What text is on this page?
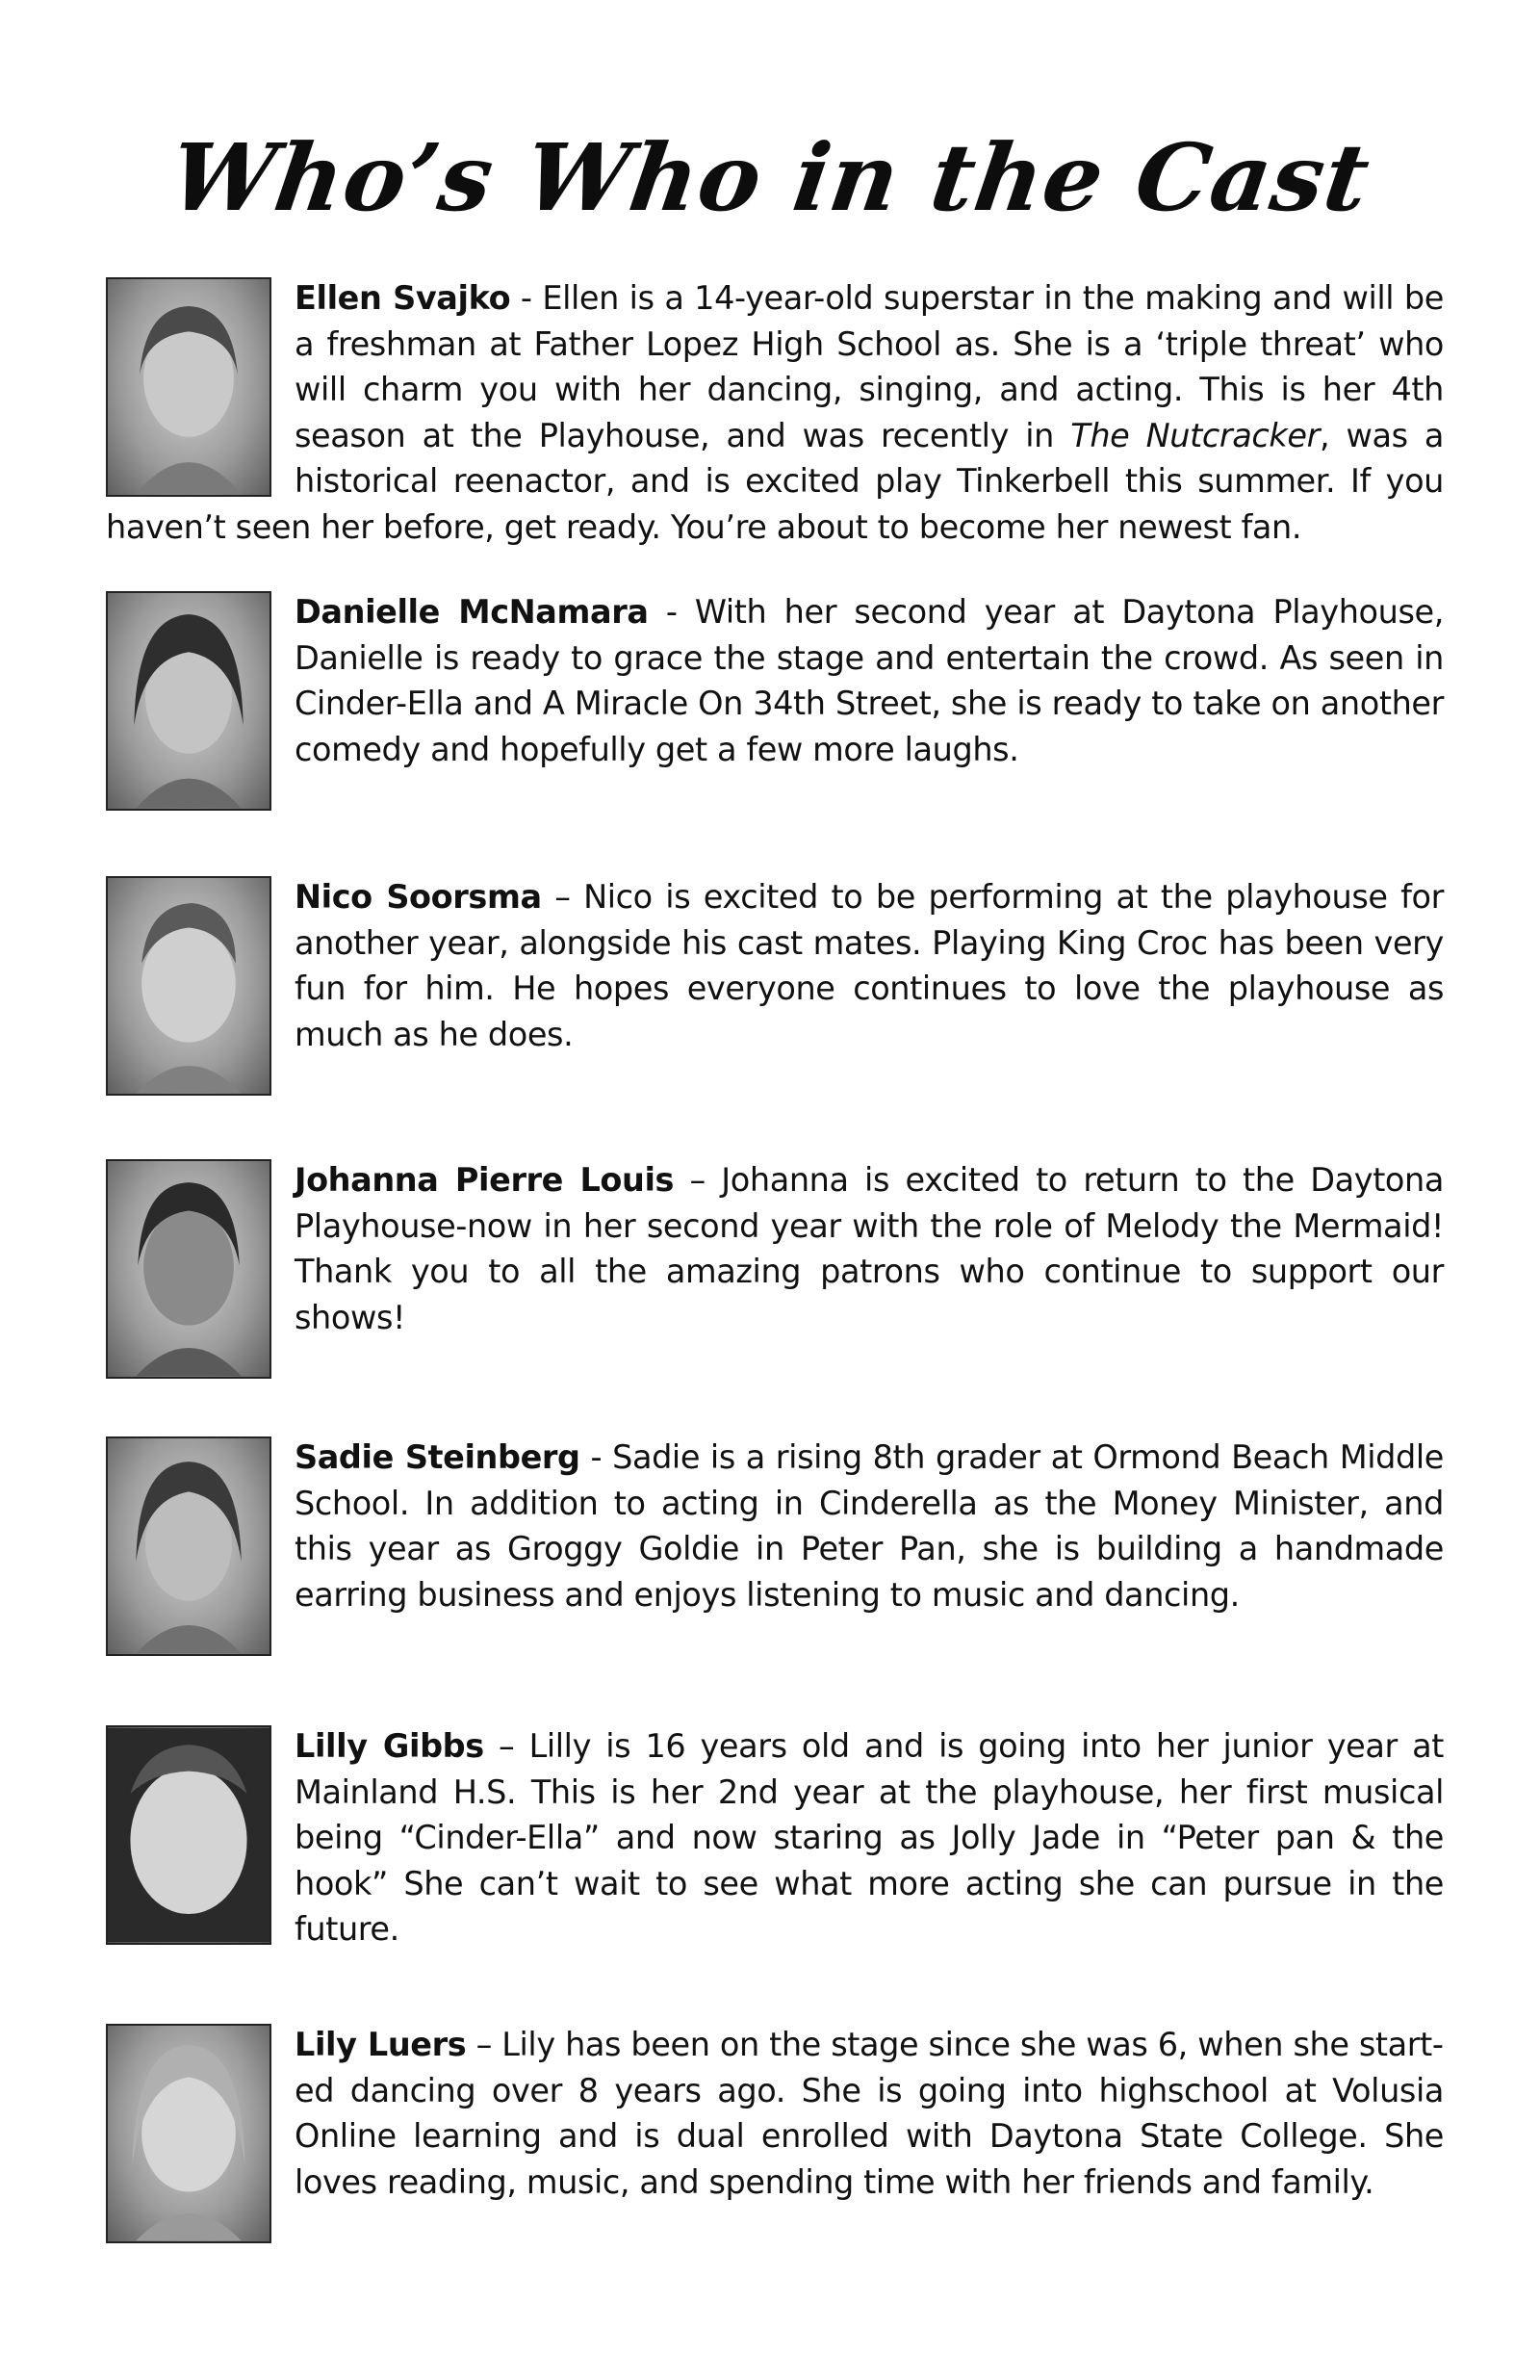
Who’s Who in the Cast
Ellen Svajko - Ellen is a 14-year-old superstar in the making and will be a freshman at Father Lopez High School as. She is a ‘triple threat’ who will charm you with her dancing, singing, and acting. This is her 4th season at the Playhouse, and was recently in The Nutcracker, was a historical reenactor, and is excited play Tinkerbell this summer. If you haven’t seen her before, get ready. You’re about to become her newest fan.
Danielle McNamara - With her second year at Daytona Playhouse, Danielle is ready to grace the stage and entertain the crowd. As seen in Cinder-Ella and A Miracle On 34th Street, she is ready to take on another comedy and hopefully get a few more laughs.
Nico Soorsma – Nico is excited to be performing at the playhouse for another year, alongside his cast mates. Playing King Croc has been very fun for him. He hopes everyone continues to love the playhouse as much as he does.
Johanna Pierre Louis – Johanna is excited to return to the Daytona Playhouse-now in her second year with the role of Melody the Mermaid! Thank you to all the amazing patrons who continue to support our shows!
Sadie Steinberg - Sadie is a rising 8th grader at Ormond Beach Middle School. In addition to acting in Cinderella as the Money Minister, and this year as Groggy Goldie in Peter Pan, she is building a handmade earring business and enjoys listening to music and dancing.
Lilly Gibbs – Lilly is 16 years old and is going into her junior year at Mainland H.S. This is her 2nd year at the playhouse, her first musical being “Cinder-Ella” and now staring as Jolly Jade in “Peter pan & the hook” She can’t wait to see what more acting she can pursue in the future.
Lily Luers – Lily has been on the stage since she was 6, when she started dancing over 8 years ago. She is going into highschool at Volusia Online learning and is dual enrolled with Daytona State College. She loves reading, music, and spending time with her friends and family.
